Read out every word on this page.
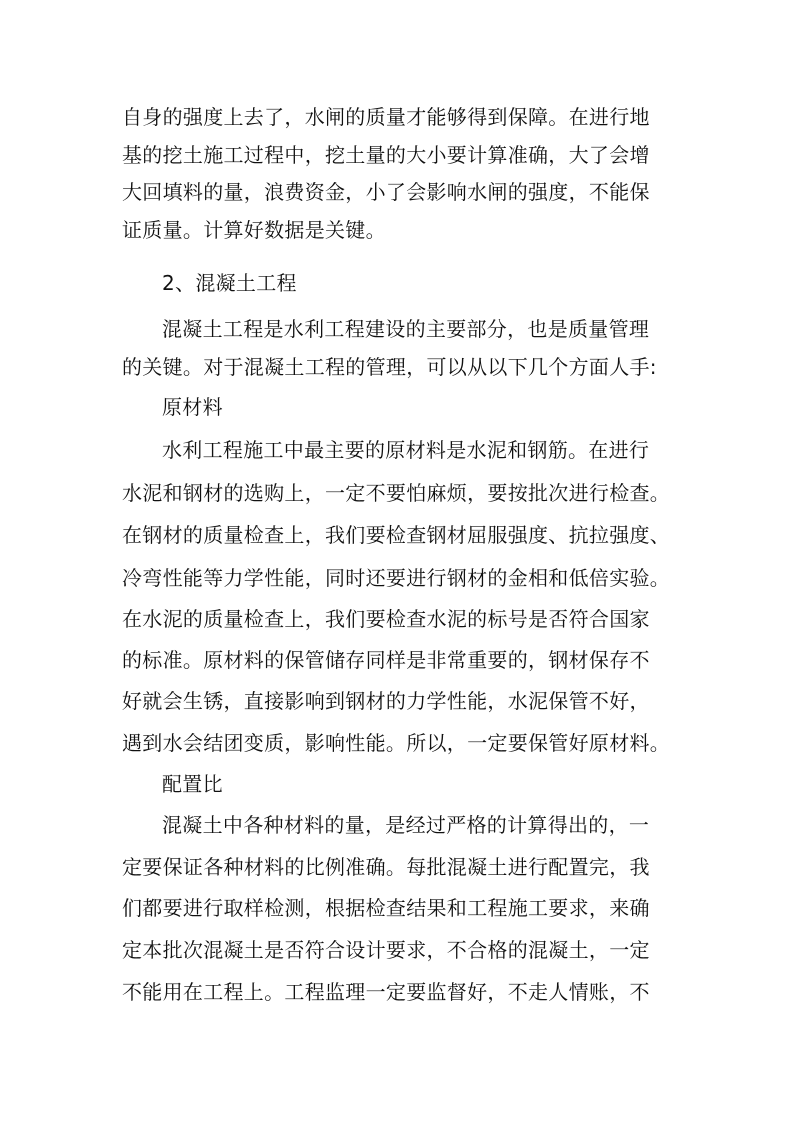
自身的强度上去了，水闸的质量才能够得到保障。在进行地
基的挖土施工过程中，挖土量的大小要计算准确，大了会增
大回填料的量，浪费资金，小了会影响水闸的强度，不能保
证质量。计算好数据是关键。
2、混凝土工程
混凝土工程是水利工程建设的主要部分，也是质量管理
的关键。对于混凝土工程的管理，可以从以下几个方面人手:
原材料
水利工程施工中最主要的原材料是水泥和钢筋。在进行
水泥和钢材的选购上，一定不要怕麻烦，要按批次进行检查。
在钢材的质量检查上，我们要检查钢材屈服强度、抗拉强度、
冷弯性能等力学性能，同时还要进行钢材的金相和低倍实验。
在水泥的质量检查上，我们要检查水泥的标号是否符合国家
的标准。原材料的保管储存同样是非常重要的，钢材保存不
好就会生锈，直接影响到钢材的力学性能，水泥保管不好，
遇到水会结团变质，影响性能。所以，一定要保管好原材料。
配置比
混凝土中各种材料的量，是经过严格的计算得出的，一
定要保证各种材料的比例准确。每批混凝土进行配置完，我
们都要进行取样检测，根据检查结果和工程施工要求，来确
定本批次混凝土是否符合设计要求，不合格的混凝土，一定
不能用在工程上。工程监理一定要监督好，不走人情账，不
